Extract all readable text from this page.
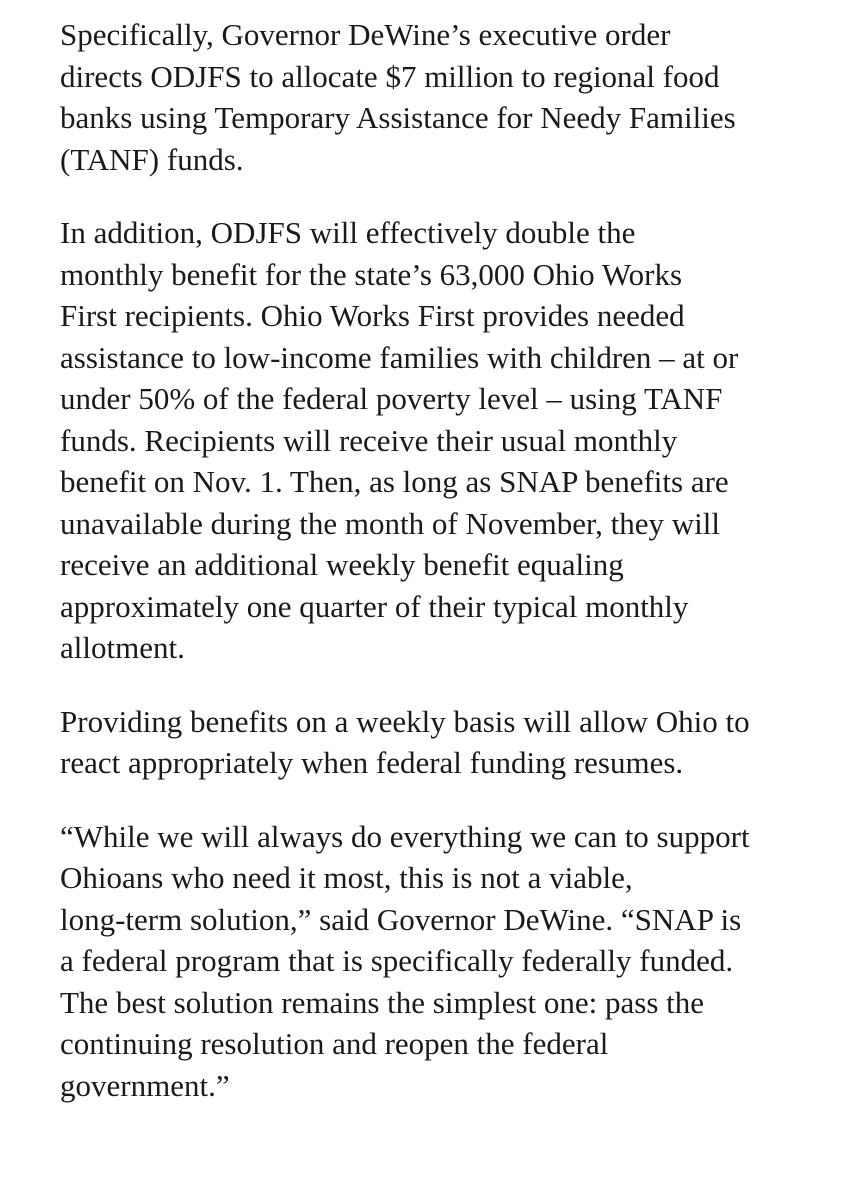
Specifically, Governor DeWine’s executive order
directs ODJFS to allocate $7 million to regional food
banks using Temporary Assistance for Needy Families
(TANF) funds.

In addition, ODJFS will effectively double the
monthly benefit for the state’s 63,000 Ohio Works
First recipients. Ohio Works First provides needed
assistance to low-income families with children – at or
under 50% of the federal poverty level – using TANF
funds. Recipients will receive their usual monthly
benefit on Nov. 1. Then, as long as SNAP benefits are
unavailable during the month of November, they will
receive an additional weekly benefit equaling
approximately one quarter of their typical monthly
allotment.

Providing benefits on a weekly basis will allow Ohio to
react appropriately when federal funding resumes.

“While we will always do everything we can to support
Ohioans who need it most, this is not a viable,
long-term solution,” said Governor DeWine. “SNAP is
a federal program that is specifically federally funded.
The best solution remains the simplest one: pass the
continuing resolution and reopen the federal
government.”
